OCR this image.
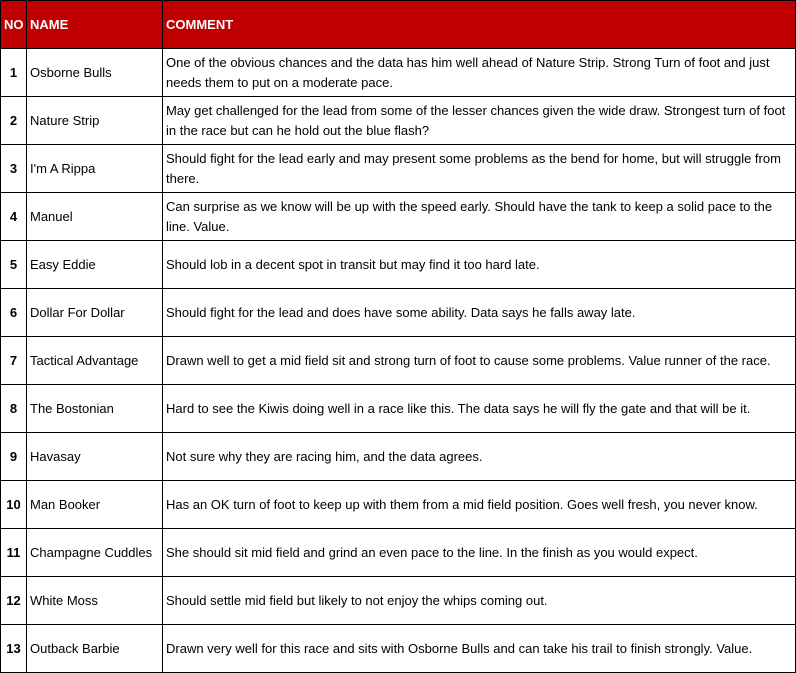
NO	NAME	COMMENT
1	Osborne Bulls	One of the obvious chances and the data has him well ahead of Nature Strip. Strong Turn of foot and just needs them to put on a moderate pace.
2	Nature Strip	May get challenged for the lead from some of the lesser chances given the wide draw. Strongest turn of foot in the race but can he hold out the blue flash?
3	I'm A Rippa	Should fight for the lead early and may present some problems as the bend for home, but will struggle from there.
4	Manuel	Can surprise as we know will be up with the speed early. Should have the tank to keep a solid pace to the line. Value.
5	Easy Eddie	Should lob in a decent spot in transit but may find it too hard late.
6	Dollar For Dollar	Should fight for the lead and does have some ability. Data says he falls away late.
7	Tactical Advantage	Drawn well to get a mid field sit and strong turn of foot to cause some problems. Value runner of the race.
8	The Bostonian	Hard to see the Kiwis doing well in a race like this. The data says he will fly the gate and that will be it.
9	Havasay	Not sure why they are racing him, and the data agrees.
10	Man Booker	Has an OK turn of foot to keep up with them from a mid field position. Goes well fresh, you never know.
11	Champagne Cuddles	She should sit mid field and grind an even pace to the line. In the finish as you would expect.
12	White Moss	Should settle mid field but likely to not enjoy the whips coming out.
13	Outback Barbie	Drawn very well for this race and sits with Osborne Bulls and can take his trail to finish strongly. Value.
